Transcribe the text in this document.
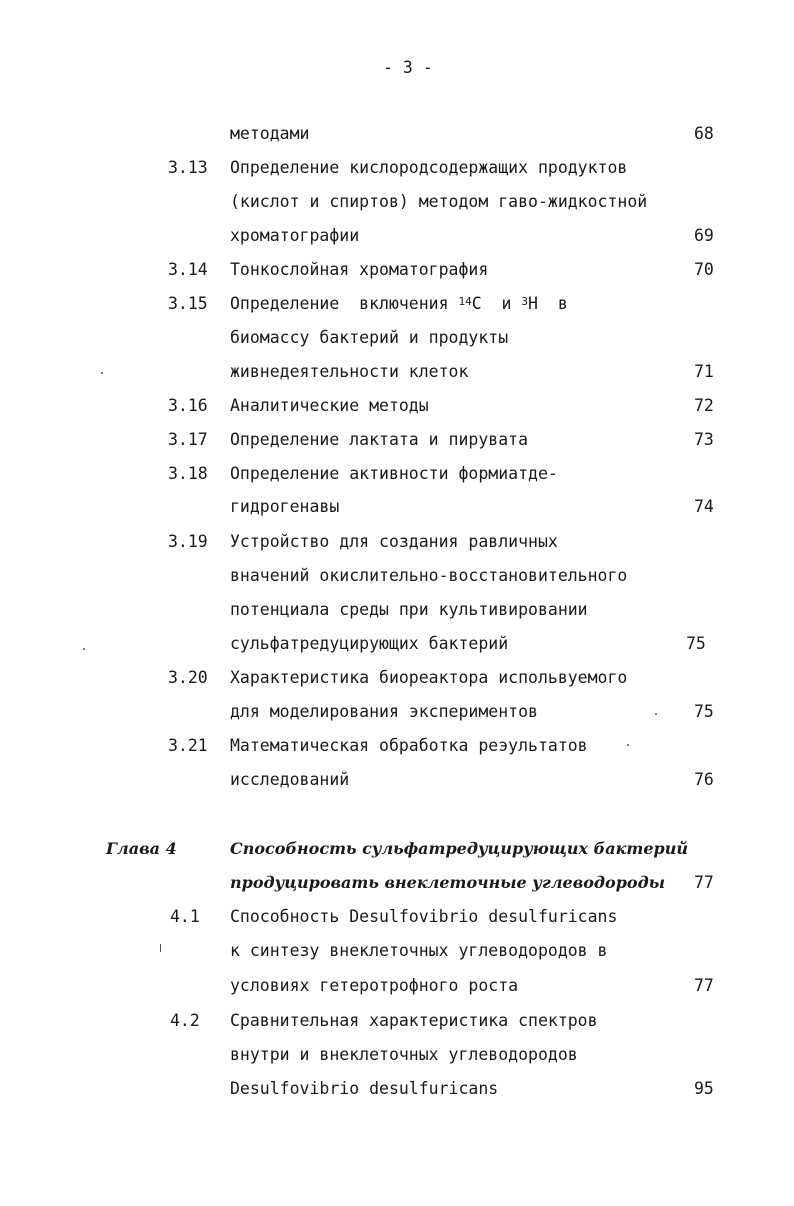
- 3 -
методами	68
3.13 Определение кислородсодержащих продуктов
(кислот и спиртов) методом гаво-жидкостной
хроматографии	69
3.14 Тонкослойная хроматография	70
3.15 Определение  включения $^{14}$C  и $^3$H  в
биомассу бактерий и продукты
живнедеятельности клеток	71
3.16 Аналитические методы	72
3.17 Определение лактата и пирувата	73
3.18 Определение активности формиатде-
гидрогенавы	74
3.19 Устройство для создания равличных
вначений окислительно-восстановительного
потенциала среды при культивировании
сульфатредуцирующих бактерий	75
3.20 Характеристика биореактора испольвуемого
для моделирования экспериментов	75
3.21 Математическая обработка реэультатов
исследований	76
Глава 4	Способность сульфатредуцирующих бактерий
продуцировать внеклеточные углеводороды 77
4.1 Способность Desulfovibrio desulfuricans
к синтезу внеклеточных углеводородов в
условиях гетеротрофного роста	77
4.2 Сравнительная характеристика спектров
внутри и внеклеточных углеводородов
Desulfovibrio desulfuricans	95
